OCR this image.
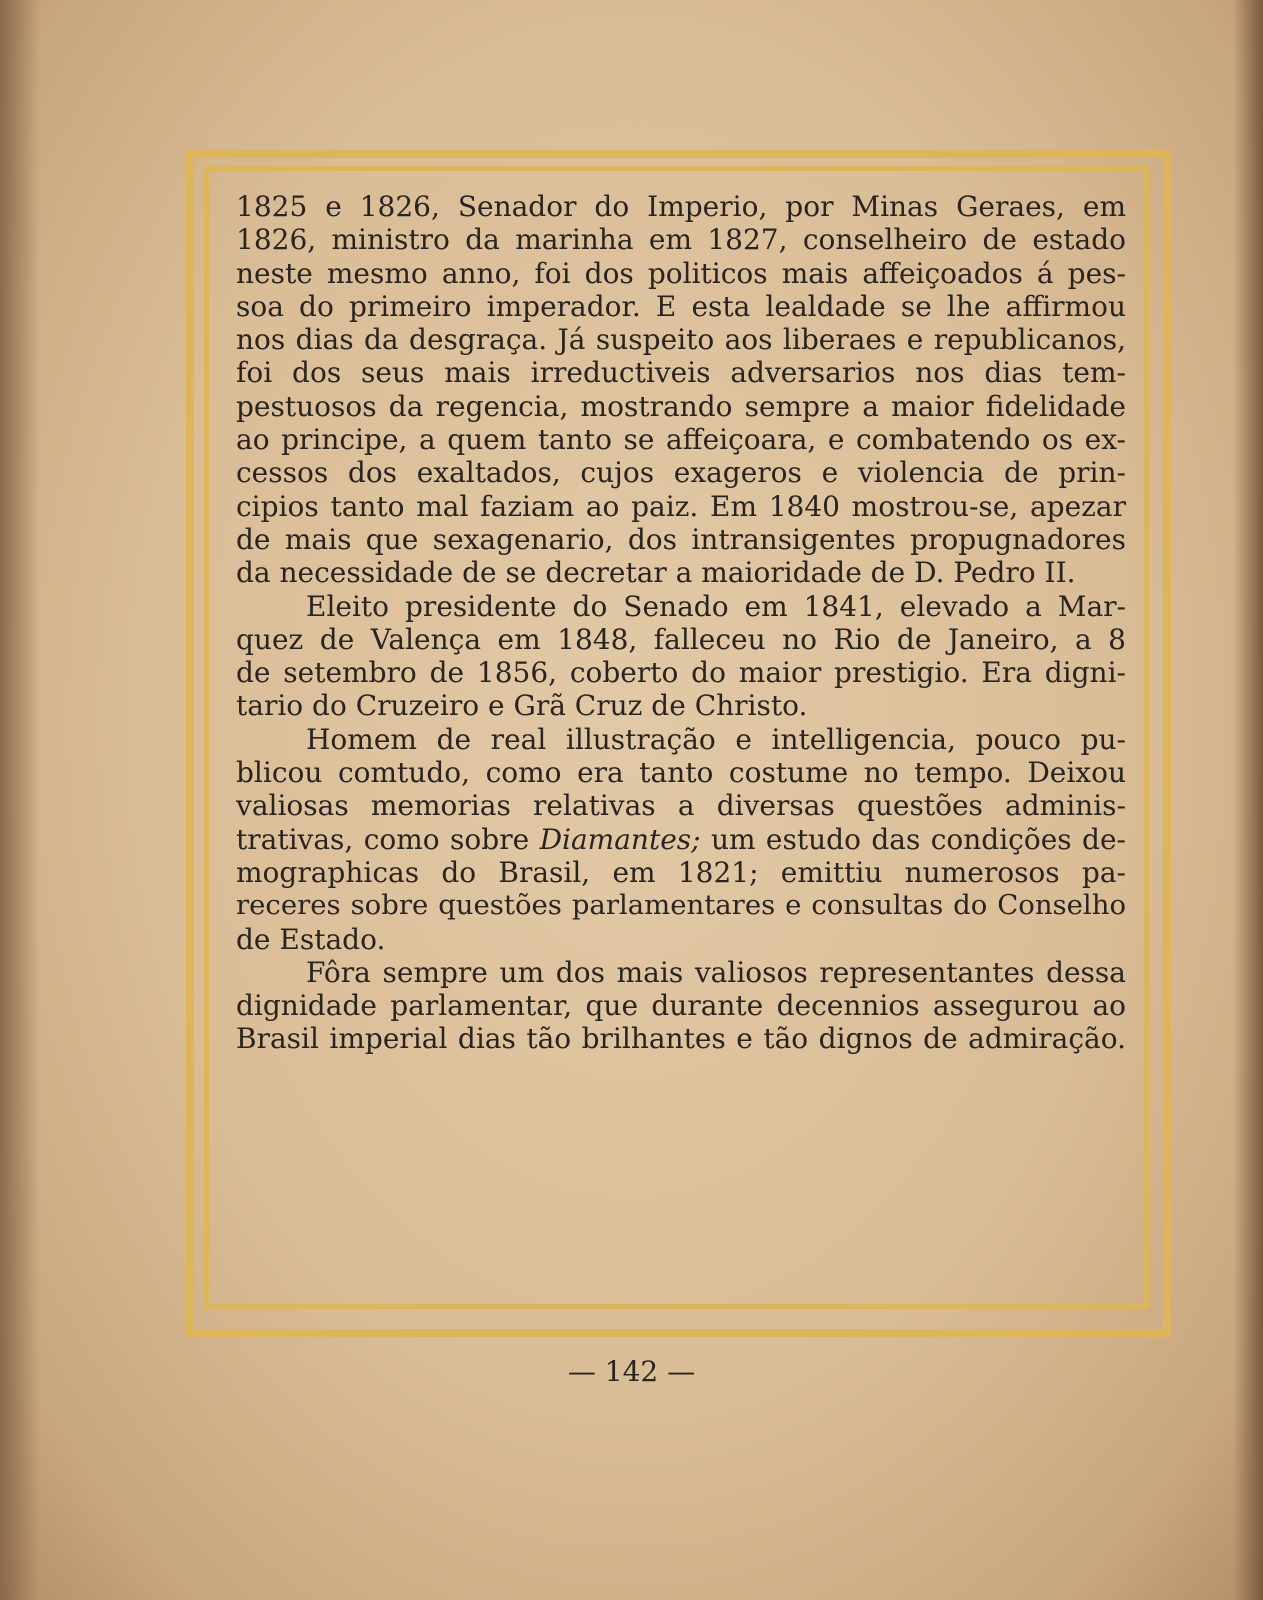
1825 e 1826, Senador do Imperio, por Minas Geraes, em
1826, ministro da marinha em 1827, conselheiro de estado
neste mesmo anno, foi dos politicos mais affeiçoados á pes-
soa do primeiro imperador. E esta lealdade se lhe affirmou
nos dias da desgraça. Já suspeito aos liberaes e republicanos,
foi dos seus mais irreductiveis adversarios nos dias tem-
pestuosos da regencia, mostrando sempre a maior fidelidade
ao principe, a quem tanto se affeiçoara, e combatendo os ex-
cessos dos exaltados, cujos exageros e violencia de prin-
cipios tanto mal faziam ao paiz. Em 1840 mostrou-se, apezar
de mais que sexagenario, dos intransigentes propugnadores
da necessidade de se decretar a maioridade de D. Pedro II.
Eleito presidente do Senado em 1841, elevado a Mar-
quez de Valença em 1848, falleceu no Rio de Janeiro, a 8
de setembro de 1856, coberto do maior prestigio. Era digni-
tario do Cruzeiro e Grã Cruz de Christo.
Homem de real illustração e intelligencia, pouco pu-
blicou comtudo, como era tanto costume no tempo. Deixou
valiosas memorias relativas a diversas questões adminis-
trativas, como sobre Diamantes; um estudo das condições de-
mographicas do Brasil, em 1821; emittiu numerosos pa-
receres sobre questões parlamentares e consultas do Conselho
de Estado.
Fôra sempre um dos mais valiosos representantes dessa
dignidade parlamentar, que durante decennios assegurou ao
Brasil imperial dias tão brilhantes e tão dignos de admiração.
— 142 —
